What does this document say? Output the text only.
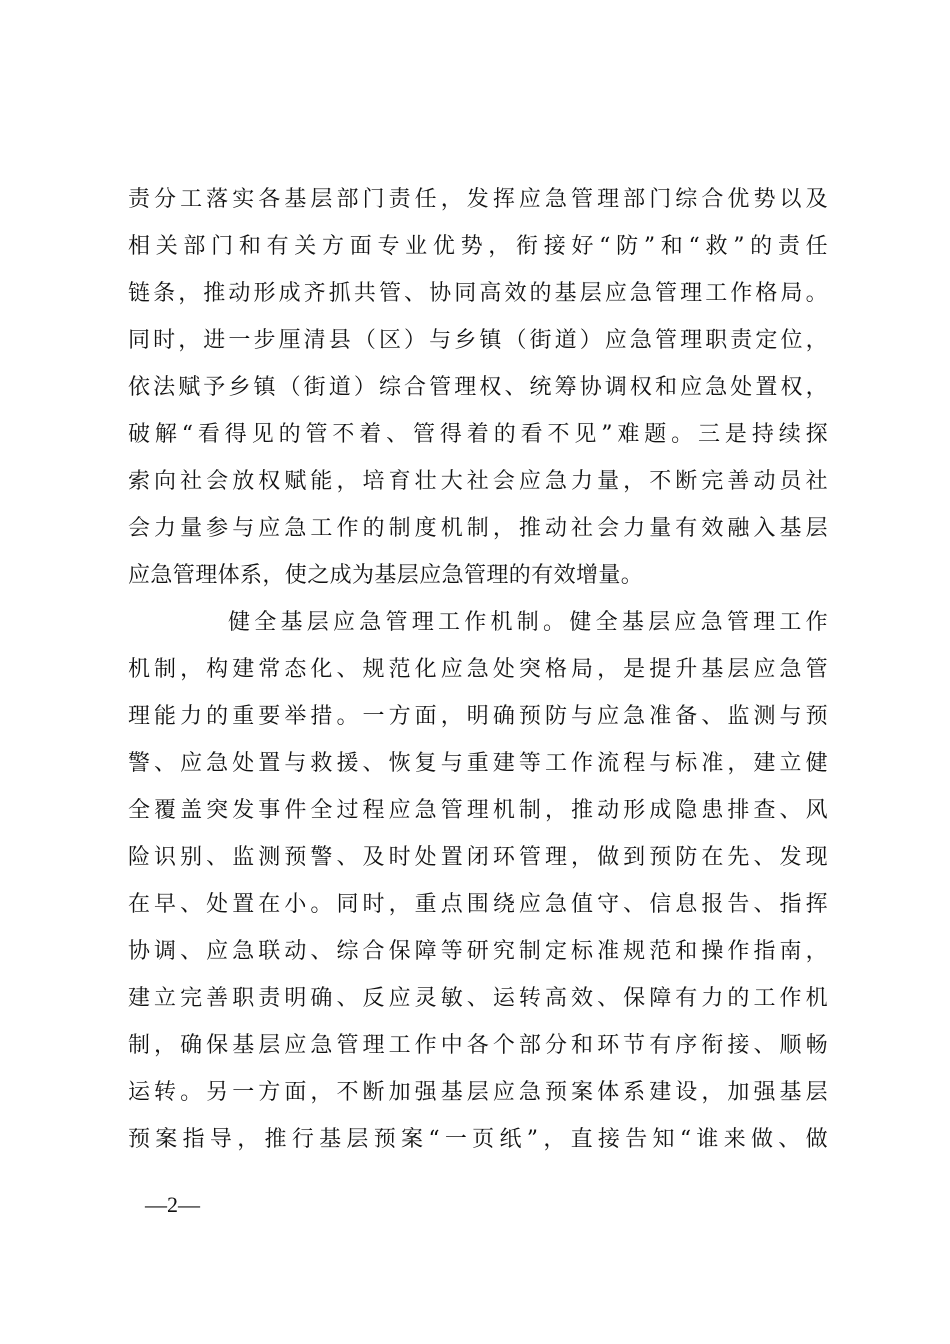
责分工落实各基层部门责任，发挥应急管理部门综合优势以及
相关部门和有关方面专业优势，衔接好“防”和“救”的责任
链条，推动形成齐抓共管、协同高效的基层应急管理工作格局。
同时，进一步厘清县（区）与乡镇（街道）应急管理职责定位，
依法赋予乡镇（街道）综合管理权、统筹协调权和应急处置权，
破解“看得见的管不着、管得着的看不见”难题。三是持续探
索向社会放权赋能，培育壮大社会应急力量，不断完善动员社
会力量参与应急工作的制度机制，推动社会力量有效融入基层
应急管理体系，使之成为基层应急管理的有效增量。
健全基层应急管理工作机制。健全基层应急管理工作
机制，构建常态化、规范化应急处突格局，是提升基层应急管
理能力的重要举措。一方面，明确预防与应急准备、监测与预
警、应急处置与救援、恢复与重建等工作流程与标准，建立健
全覆盖突发事件全过程应急管理机制，推动形成隐患排查、风
险识别、监测预警、及时处置闭环管理，做到预防在先、发现
在早、处置在小。同时，重点围绕应急值守、信息报告、指挥
协调、应急联动、综合保障等研究制定标准规范和操作指南，
建立完善职责明确、反应灵敏、运转高效、保障有力的工作机
制，确保基层应急管理工作中各个部分和环节有序衔接、顺畅
运转。另一方面，不断加强基层应急预案体系建设，加强基层
预案指导，推行基层预案“一页纸”，直接告知“谁来做、做
—2—
